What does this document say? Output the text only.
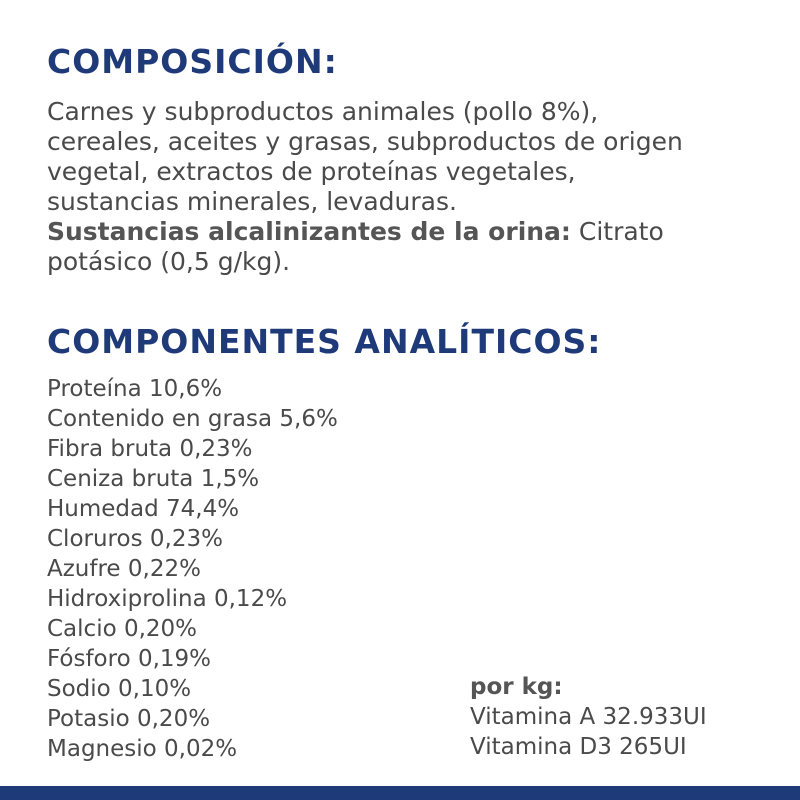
COMPOSICIÓN:

Carnes y subproductos animales (pollo 8%),
cereales, aceites y grasas, subproductos de origen
vegetal, extractos de proteínas vegetales,
sustancias minerales, levaduras.
Sustancias alcalinizantes de la orina: Citrato
potásico (0,5 g/kg).

COMPONENTES ANALÍTICOS:
Proteína 10,6%
Contenido en grasa 5,6%
Fibra bruta 0,23%
Ceniza bruta 1,5%
Humedad 74,4%
Cloruros 0,23%
Azufre 0,22%
Hidroxiprolina 0,12%
Calcio 0,20%
Fósforo 0,19%
Sodio 0,10%
Potasio 0,20%
Magnesio 0,02%
por kg:
Vitamina A 32.933UI
Vitamina D3 265UI
